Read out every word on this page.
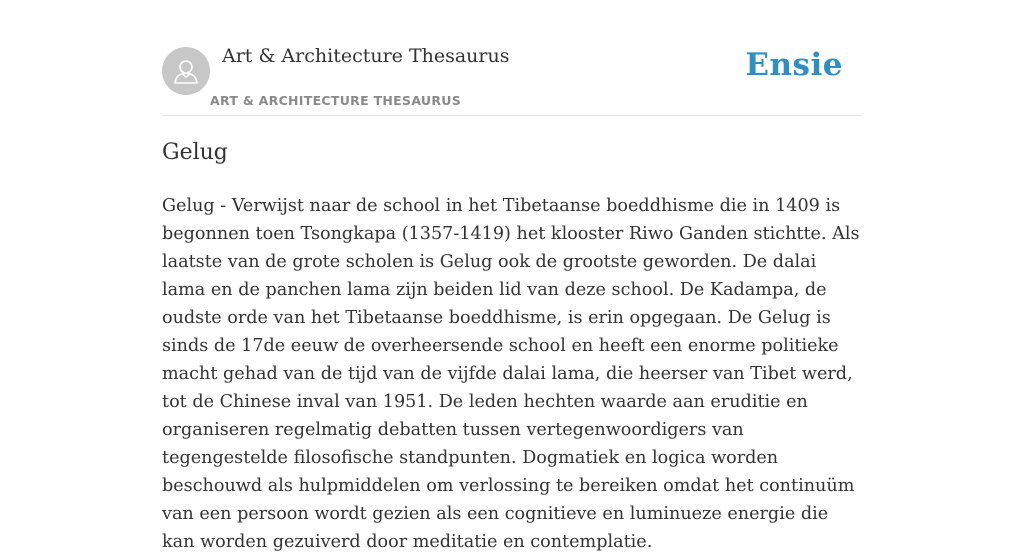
Art & Architecture Thesaurus
ART & ARCHITECTURE THESAURUS
Ensie
Gelug

Gelug - Verwijst naar de school in het Tibetaanse boeddhisme die in 1409 is begonnen toen Tsongkapa (1357-1419) het klooster Riwo Ganden stichtte. Als laatste van de grote scholen is Gelug ook de grootste geworden. De dalai lama en de panchen lama zijn beiden lid van deze school. De Kadampa, de oudste orde van het Tibetaanse boeddhisme, is erin opgegaan. De Gelug is sinds de 17de eeuw de overheersende school en heeft een enorme politieke macht gehad van de tijd van de vijfde dalai lama, die heerser van Tibet werd, tot de Chinese inval van 1951. De leden hechten waarde aan eruditie en organiseren regelmatig debatten tussen vertegenwoordigers van tegengestelde filosofische standpunten. Dogmatiek en logica worden beschouwd als hulpmiddelen om verlossing te bereiken omdat het continuüm van een persoon wordt gezien als een cognitieve en luminueze energie die kan worden gezuiverd door meditatie en contemplatie.
